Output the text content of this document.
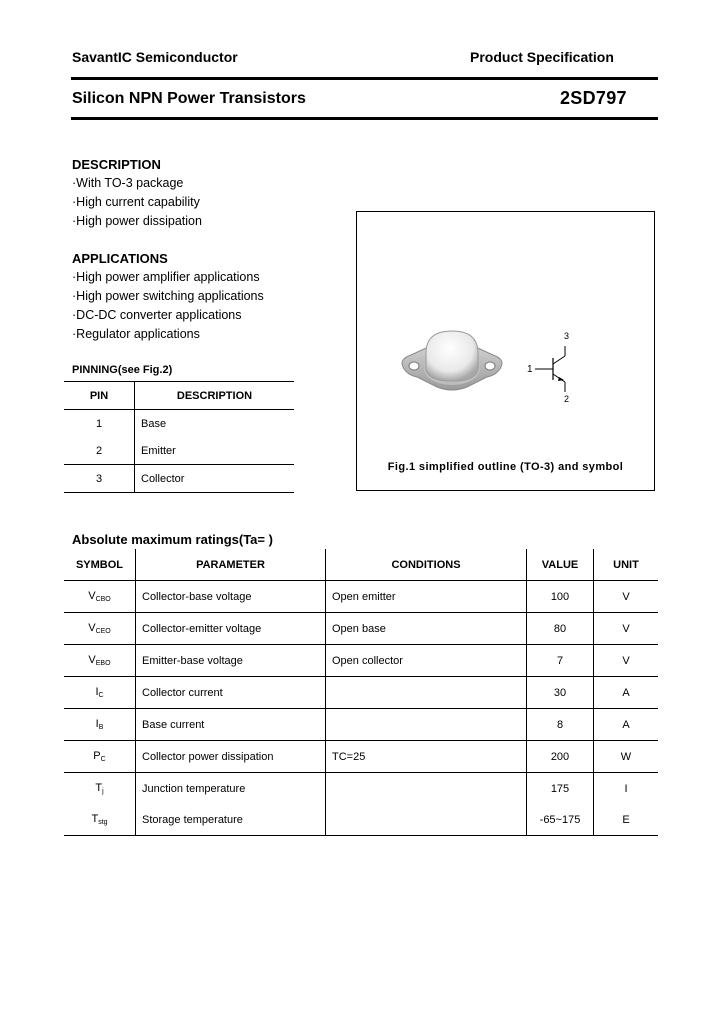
SavantIC Semiconductor	Product Specification
Silicon NPN Power Transistors	2SD797
DESCRIPTION
·With TO-3 package
·High current capability
·High power dissipation
APPLICATIONS
·High power amplifier applications
·High power switching applications
·DC-DC converter applications
·Regulator applications
PINNING(see Fig.2)
PIN	DESCRIPTION
1	Base
2	Emitter
3	Collector
3
1
2
Fig.1 simplified outline (TO-3) and symbol
Absolute maximum ratings(Ta= )
SYMBOL	PARAMETER	CONDITIONS	VALUE	UNIT
$V_{CBO}$	Collector-base voltage	Open emitter	100	V
$V_{CEO}$	Collector-emitter voltage	Open base	80	V
$V_{EBO}$	Emitter-base voltage	Open collector	7	V
$I_C$	Collector current		30	A
$I_B$	Base current		8	A
$P_C$	Collector power dissipation	TC=25	200	W
$T_j$	Junction temperature		175	I
$T_{stg}$	Storage temperature		-65~175	E
